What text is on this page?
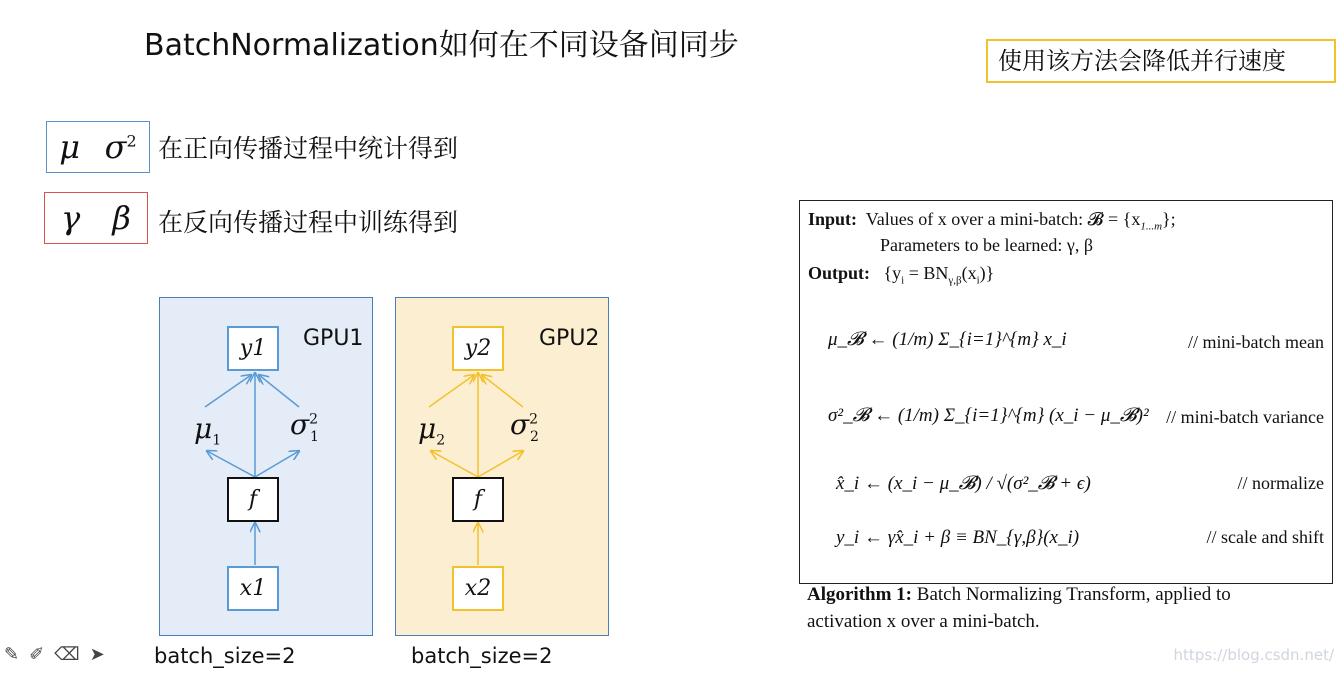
BatchNormalization如何在不同设备间同步	使用该方法会降低并行速度
μ $\sigma^2$ 在正向传播过程中统计得到
γ β 在反向传播过程中训练得到
y1	GPU1
$\mu_1$ $\sigma^2_1$
f
x1
y2	GPU2
$\mu_2$ $\sigma^2_2$
f
x2
batch_size=2	batch_size=2
Input: Values of x over a mini-batch: 𝓑 = $\{x_{1...m}\}$;
Parameters to be learned: γ, β
Output: $\{y_i = BN_{\gamma,\beta}(x_i)\}$
μ_𝓑 ← (1/m) Σ_{i=1}^{m} x_i	// mini-batch mean
σ²_𝓑 ← (1/m) Σ_{i=1}^{m} (x_i − μ_𝓑)² // mini-batch variance
x̂_i ← (x_i − μ_𝓑) / √(σ²_𝓑 + ϵ)	// normalize
y_i ← γx̂_i + β ≡ BN_{γ,β}(x_i)	// scale and shift
Algorithm 1: Batch Normalizing Transform, applied to
activation x over a mini-batch.
✎ ✐ ⌫ ➤	https://blog.csdn.net/
